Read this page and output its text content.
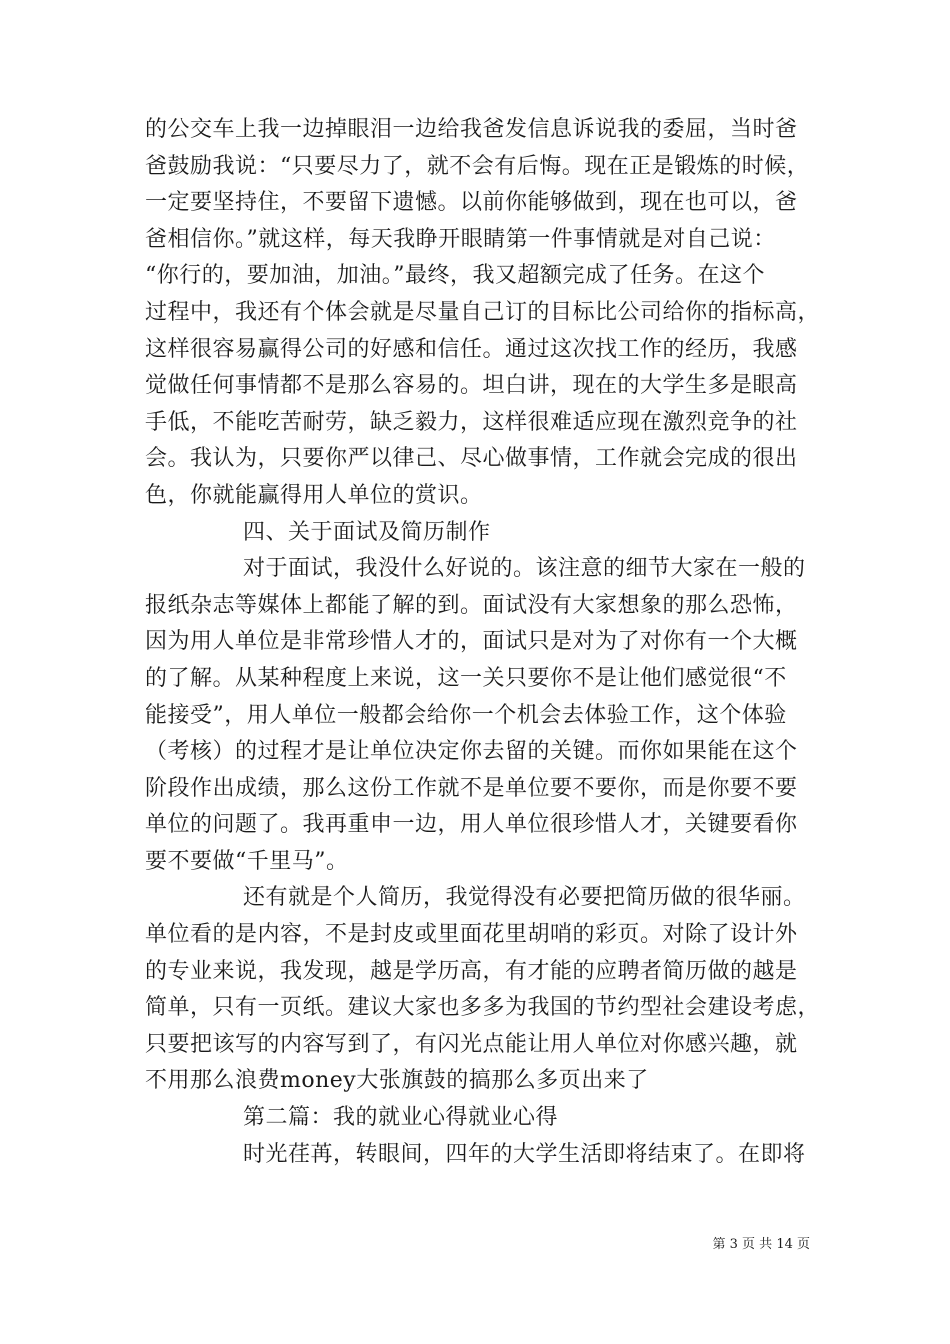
的公交车上我一边掉眼泪一边给我爸发信息诉说我的委屈，当时爸
爸鼓励我说：“只要尽力了，就不会有后悔。现在正是锻炼的时候，
一定要坚持住，不要留下遗憾。以前你能够做到，现在也可以，爸
爸相信你。”就这样，每天我睁开眼睛第一件事情就是对自己说：
“你行的，要加油，加油。”最终，我又超额完成了任务。在这个
过程中，我还有个体会就是尽量自己订的目标比公司给你的指标高，
这样很容易赢得公司的好感和信任。通过这次找工作的经历，我感
觉做任何事情都不是那么容易的。坦白讲，现在的大学生多是眼高
手低，不能吃苦耐劳，缺乏毅力，这样很难适应现在激烈竞争的社
会。我认为，只要你严以律己、尽心做事情，工作就会完成的很出
色，你就能赢得用人单位的赏识。
四、关于面试及简历制作
对于面试，我没什么好说的。该注意的细节大家在一般的
报纸杂志等媒体上都能了解的到。面试没有大家想象的那么恐怖，
因为用人单位是非常珍惜人才的，面试只是对为了对你有一个大概
的了解。从某种程度上来说，这一关只要你不是让他们感觉很“不
能接受”，用人单位一般都会给你一个机会去体验工作，这个体验
（考核）的过程才是让单位决定你去留的关键。而你如果能在这个
阶段作出成绩，那么这份工作就不是单位要不要你，而是你要不要
单位的问题了。我再重申一边，用人单位很珍惜人才，关键要看你
要不要做“千里马”。
还有就是个人简历，我觉得没有必要把简历做的很华丽。
单位看的是内容，不是封皮或里面花里胡哨的彩页。对除了设计外
的专业来说，我发现，越是学历高，有才能的应聘者简历做的越是
简单，只有一页纸。建议大家也多多为我国的节约型社会建设考虑，
只要把该写的内容写到了，有闪光点能让用人单位对你感兴趣，就
不用那么浪费money大张旗鼓的搞那么多页出来了
第二篇：我的就业心得就业心得
时光荏苒，转眼间，四年的大学生活即将结束了。在即将
第 3 页 共 14 页
